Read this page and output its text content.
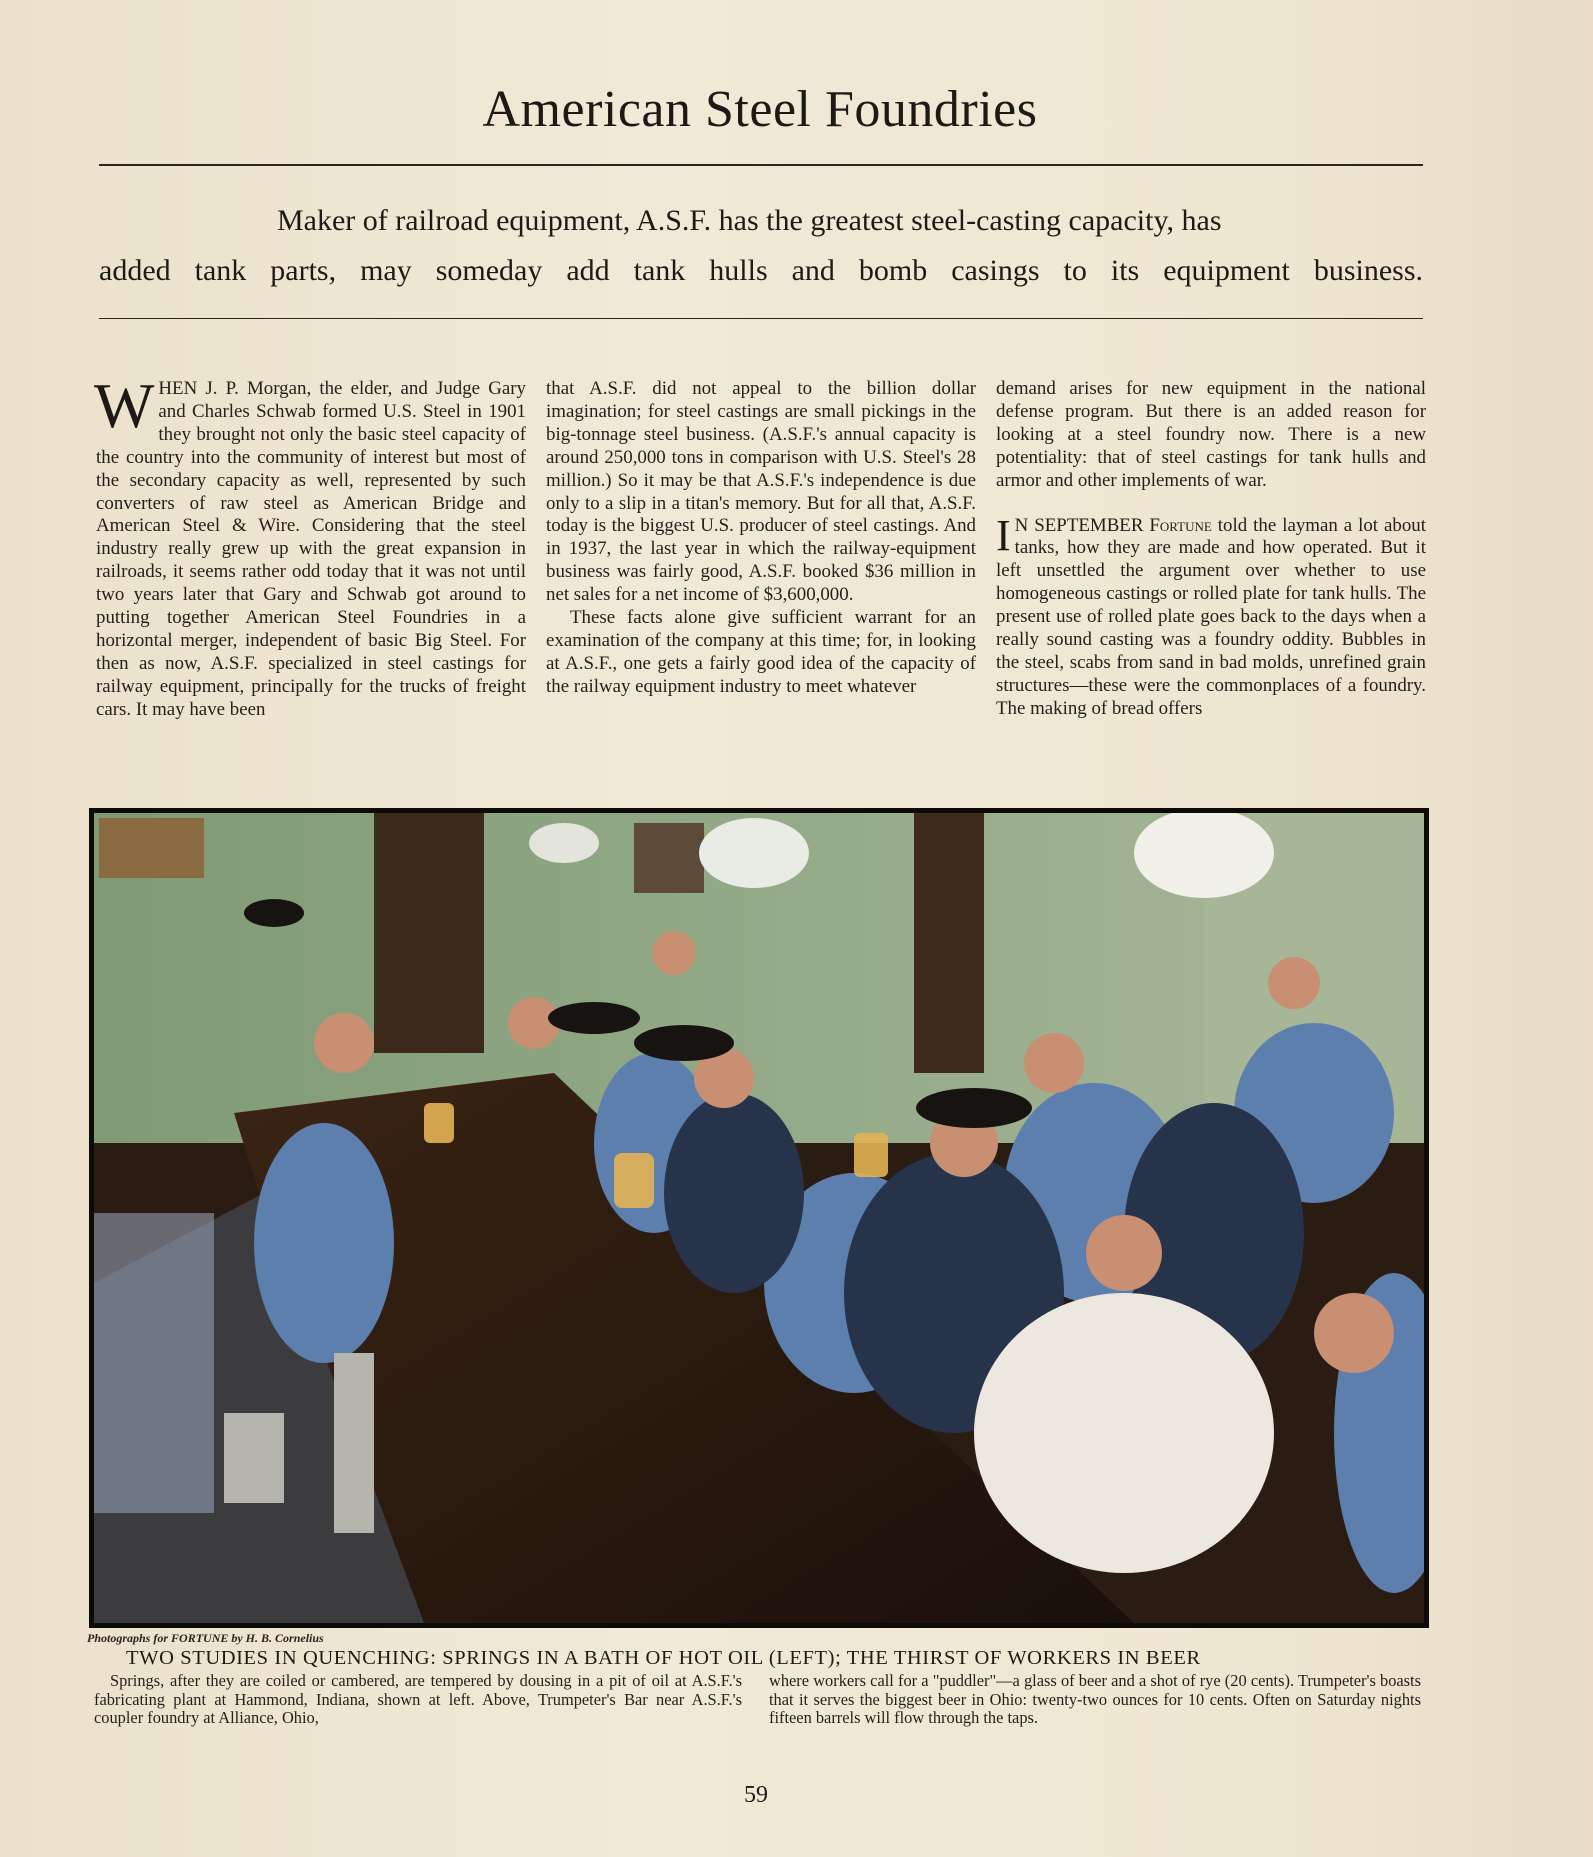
American Steel Foundries
Maker of railroad equipment, A.S.F. has the greatest steel-casting capacity, has
added tank parts, may someday add tank hulls and bomb casings to its equipment business.

WHEN J. P. Morgan, the elder, and Judge Gary and Charles Schwab formed U.S. Steel in 1901 they brought not only the basic steel capacity of the country into the community of interest but most of the secondary capacity as well, represented by such converters of raw steel as American Bridge and American Steel & Wire. Considering that the steel industry really grew up with the great expansion in railroads, it seems rather odd today that it was not until two years later that Gary and Schwab got around to putting together American Steel Foundries in a horizontal merger, independent of basic Big Steel. For then as now, A.S.F. specialized in steel castings for railway equipment, principally for the trucks of freight cars. It may have been

that A.S.F. did not appeal to the billion dollar imagination; for steel castings are small pickings in the big-tonnage steel business. (A.S.F.'s annual capacity is around 250,000 tons in comparison with U.S. Steel's 28 million.) So it may be that A.S.F.'s independence is due only to a slip in a titan's memory. But for all that, A.S.F. today is the biggest U.S. producer of steel castings. And in 1937, the last year in which the railway-equipment business was fairly good, A.S.F. booked $36 million in net sales for a net income of $3,600,000.

These facts alone give sufficient warrant for an examination of the company at this time; for, in looking at A.S.F., one gets a fairly good idea of the capacity of the railway equipment industry to meet whatever

demand arises for new equipment in the national defense program. But there is an added reason for looking at a steel foundry now. There is a new potentiality: that of steel castings for tank hulls and armor and other implements of war.

I N SEPTEMBER Fortune told the layman a lot about tanks, how they are made and how operated. But it left unsettled the argument over whether to use homogeneous castings or rolled plate for tank hulls. The present use of rolled plate goes back to the days when a really sound casting was a foundry oddity. Bubbles in the steel, scabs from sand in bad molds, unrefined grain structures—these were the commonplaces of a foundry. The making of bread offers

Photographs for FORTUNE by H. B. Cornelius
TWO STUDIES IN QUENCHING: SPRINGS IN A BATH OF HOT OIL (LEFT); THE THIRST OF WORKERS IN BEER
Springs, after they are coiled or cambered, are tempered by dousing in a pit of oil at A.S.F.'s fabricating plant at Hammond, Indiana, shown at left. Above, Trumpeter's Bar near A.S.F.'s coupler foundry at Alliance, Ohio,
where workers call for a "puddler"—a glass of beer and a shot of rye (20 cents). Trumpeter's boasts that it serves the biggest beer in Ohio: twenty-two ounces for 10 cents. Often on Saturday nights fifteen barrels will flow through the taps.
59
